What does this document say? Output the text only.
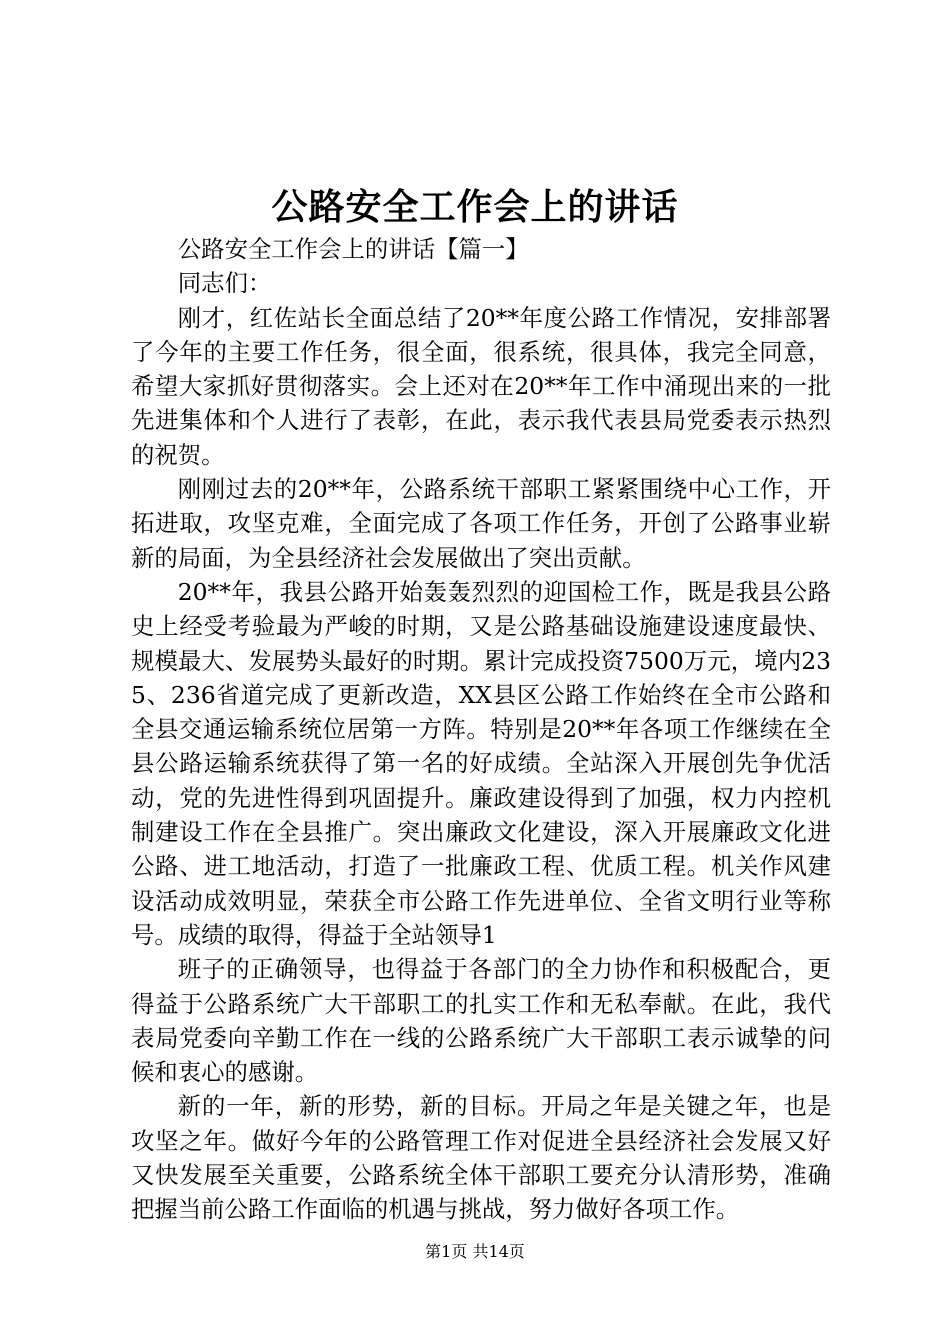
公路安全工作会上的讲话

公路安全工作会上的讲话【篇一】

同志们：

刚才，红佐站长全面总结了20**年度公路工作情况，安排部署了今年的主要工作任务，很全面，很系统，很具体，我完全同意，希望大家抓好贯彻落实。会上还对在20**年工作中涌现出来的一批先进集体和个人进行了表彰，在此，表示我代表县局党委表示热烈的祝贺。

刚刚过去的20**年，公路系统干部职工紧紧围绕中心工作，开拓进取，攻坚克难，全面完成了各项工作任务，开创了公路事业崭新的局面，为全县经济社会发展做出了突出贡献。

20**年，我县公路开始轰轰烈烈的迎国检工作，既是我县公路史上经受考验最为严峻的时期，又是公路基础设施建设速度最快、规模最大、发展势头最好的时期。累计完成投资7500万元，境内235、236省道完成了更新改造，XX县区公路工作始终在全市公路和全县交通运输系统位居第一方阵。特别是20**年各项工作继续在全县公路运输系统获得了第一名的好成绩。全站深入开展创先争优活动，党的先进性得到巩固提升。廉政建设得到了加强，权力内控机制建设工作在全县推广。突出廉政文化建设，深入开展廉政文化进公路、进工地活动，打造了一批廉政工程、优质工程。机关作风建设活动成效明显，荣获全市公路工作先进单位、全省文明行业等称号。成绩的取得，得益于全站领导1

班子的正确领导，也得益于各部门的全力协作和积极配合，更得益于公路系统广大干部职工的扎实工作和无私奉献。在此，我代表局党委向辛勤工作在一线的公路系统广大干部职工表示诚挚的问候和衷心的感谢。

新的一年，新的形势，新的目标。开局之年是关键之年，也是攻坚之年。做好今年的公路管理工作对促进全县经济社会发展又好又快发展至关重要，公路系统全体干部职工要充分认清形势，准确把握当前公路工作面临的机遇与挑战，努力做好各项工作。

第1页 共14页
